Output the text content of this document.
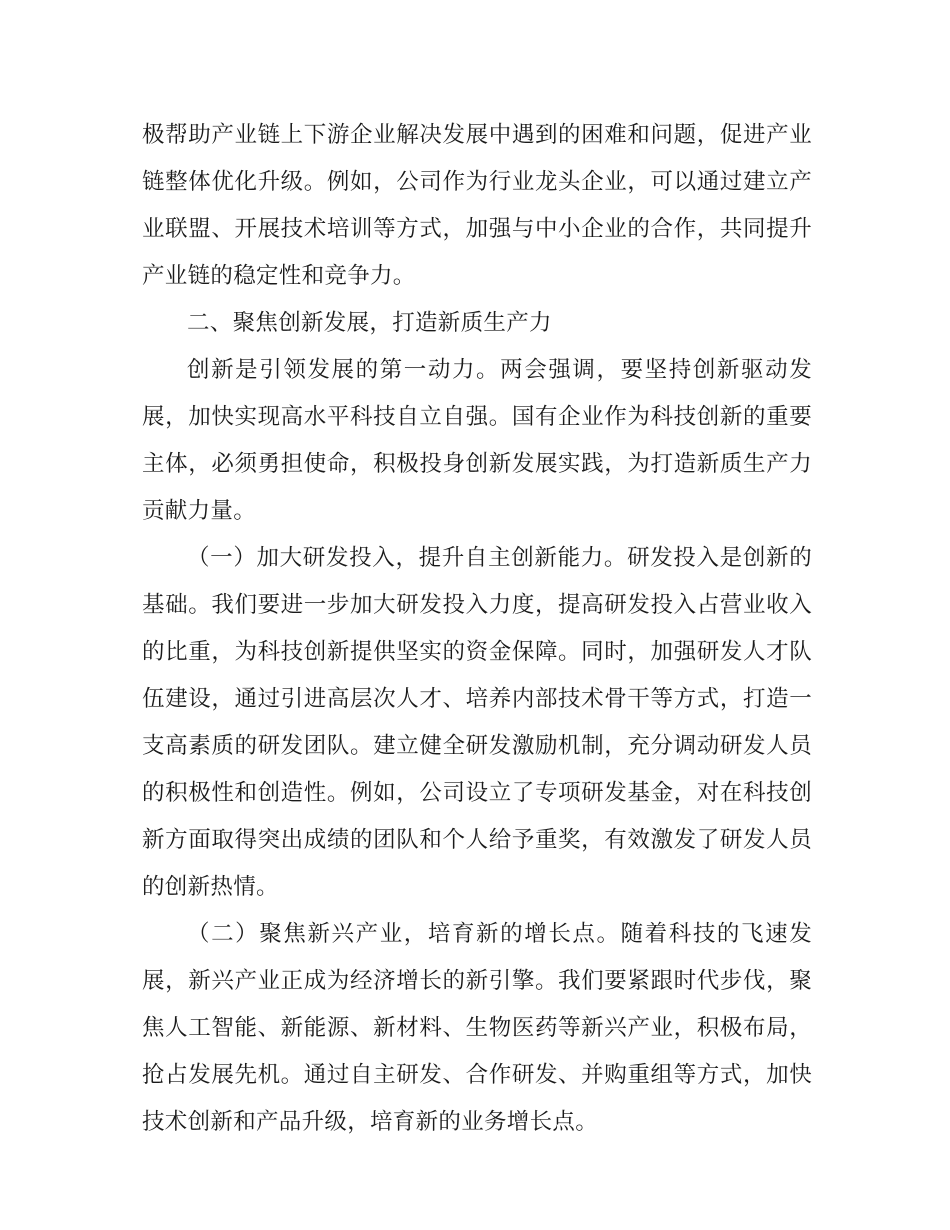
极帮助产业链上下游企业解决发展中遇到的困难和问题，促进产业链整体优化升级。例如，公司作为行业龙头企业，可以通过建立产业联盟、开展技术培训等方式，加强与中小企业的合作，共同提升产业链的稳定性和竞争力。

二、聚焦创新发展，打造新质生产力

创新是引领发展的第一动力。两会强调，要坚持创新驱动发展，加快实现高水平科技自立自强。国有企业作为科技创新的重要主体，必须勇担使命，积极投身创新发展实践，为打造新质生产力贡献力量。

（一）加大研发投入，提升自主创新能力。研发投入是创新的基础。我们要进一步加大研发投入力度，提高研发投入占营业收入的比重，为科技创新提供坚实的资金保障。同时，加强研发人才队伍建设，通过引进高层次人才、培养内部技术骨干等方式，打造一支高素质的研发团队。建立健全研发激励机制，充分调动研发人员的积极性和创造性。例如，公司设立了专项研发基金，对在科技创新方面取得突出成绩的团队和个人给予重奖，有效激发了研发人员的创新热情。

（二）聚焦新兴产业，培育新的增长点。随着科技的飞速发展，新兴产业正成为经济增长的新引擎。我们要紧跟时代步伐，聚焦人工智能、新能源、新材料、生物医药等新兴产业，积极布局，抢占发展先机。通过自主研发、合作研发、并购重组等方式，加快技术创新和产品升级，培育新的业务增长点。
